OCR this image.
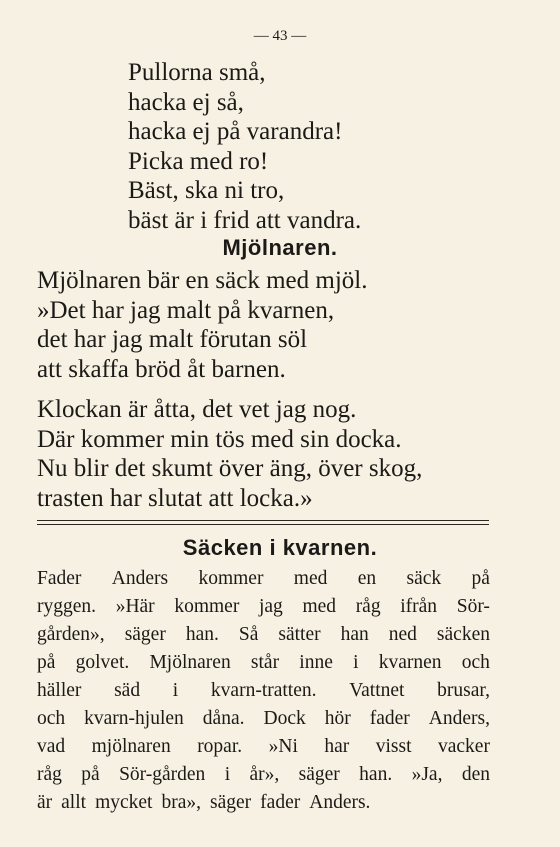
— 43 —
Pullorna små,
hacka ej så,
hacka ej på varandra!
Picka med ro!
Bäst, ska ni tro,
bäst är i frid att vandra.
Mjölnaren.
Mjölnaren bär en säck med mjöl.
»Det har jag malt på kvarnen,
det har jag malt förutan söl
att skaffa bröd åt barnen.
Klockan är åtta, det vet jag nog.
Där kommer min tös med sin docka.
Nu blir det skumt över äng, över skog,
trasten har slutat att locka.»
Säcken i kvarnen.
Fader Anders kommer med en säck på
ryggen. »Här kommer jag med råg ifrån Sör-
gården», säger han. Så sätter han ned säcken
på golvet. Mjölnaren står inne i kvarnen och
häller säd i kvarn-tratten. Vattnet brusar,
och kvarn-hjulen dåna. Dock hör fader Anders,
vad mjölnaren ropar. »Ni har visst vacker
råg på Sör-gården i år», säger han. »Ja, den
är allt mycket bra», säger fader Anders.
